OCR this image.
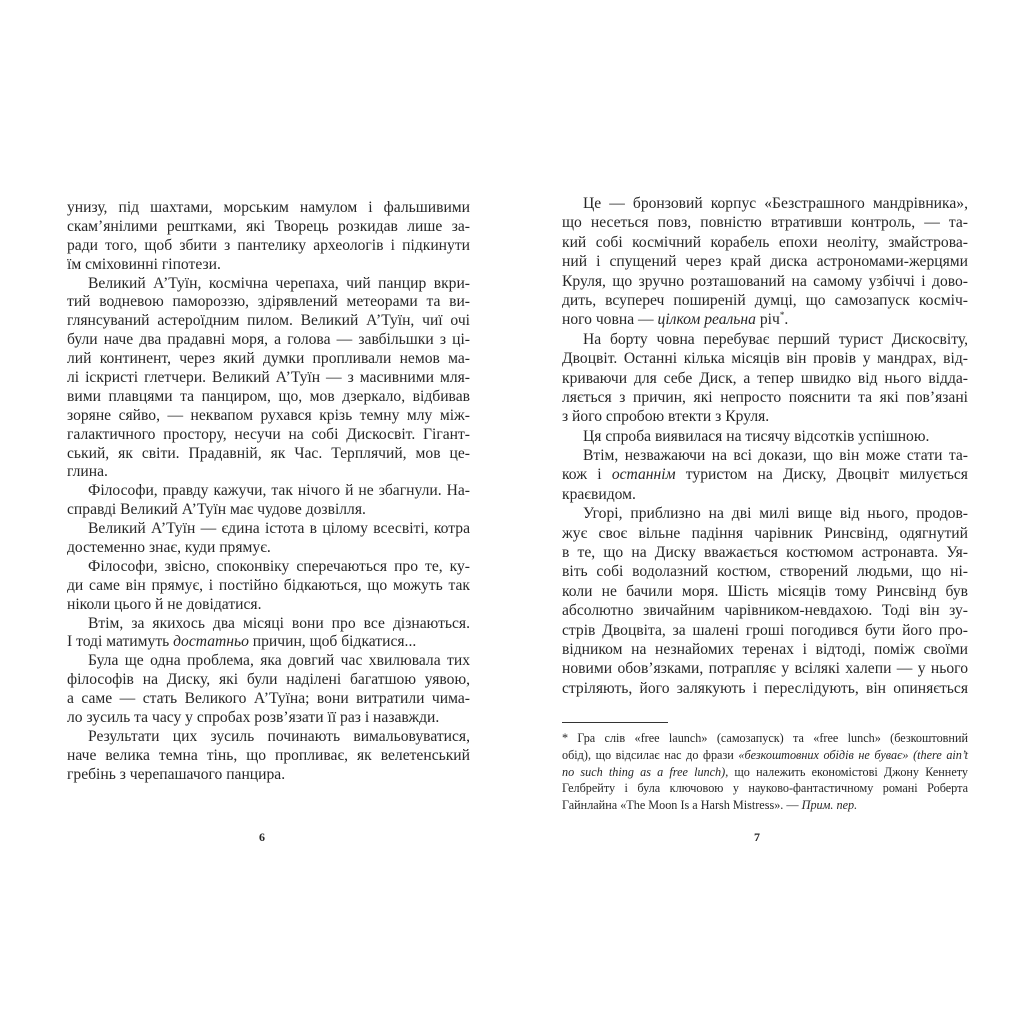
унизу, під шахтами, морським намулом і фальшивими
скам’янілими рештками, які Творець розкидав лише за-
ради того, щоб збити з пантелику археологів і підкинути
їм сміховинні гіпотези.
Великий А’Туїн, космічна черепаха, чий панцир вкри-
тий водневою памороззю, здірявлений метеорами та ви-
глянсуваний астероїдним пилом. Великий А’Туїн, чиї очі
були наче два прадавні моря, а голова — завбільшки з ці-
лий континент, через який думки пропливали немов ма-
лі іскристі глетчери. Великий А’Туїн — з масивними мля-
вими плавцями та панциром, що, мов дзеркало, відбивав
зоряне сяйво, — неквапом рухався крізь темну млу між-
галактичного простору, несучи на собі Дискосвіт. Гігант-
ський, як світи. Прадавній, як Час. Терплячий, мов це-
глина.
Філософи, правду кажучи, так нічого й не збагнули. На-
справді Великий А’Туїн має чудове дозвілля.
Великий А’Туїн — єдина істота в цілому всесвіті, котра
достеменно знає, куди прямує.
Філософи, звісно, споконвіку сперечаються про те, ку-
ди саме він прямує, і постійно бідкаються, що можуть так
ніколи цього й не довідатися.
Втім, за якихось два місяці вони про все дізнаються.
І тоді матимуть достатньо причин, щоб бідкатися...
Була ще одна проблема, яка довгий час хвилювала тих
філософів на Диску, які були наділені багатшою уявою,
а саме — стать Великого А’Туїна; вони витратили чима-
ло зусиль та часу у спробах розв’язати її раз і назавжди.
Результати цих зусиль починають вимальовуватися,
наче велика темна тінь, що пропливає, як велетенський
гребінь з черепашачого панцира.
Це — бронзовий корпус «Безстрашного мандрівника»,
що несеться повз, повністю втративши контроль, — та-
кий собі космічний корабель епохи неоліту, змайстрова-
ний і спущений через край диска астрономами-жерцями
Круля, що зручно розташований на самому узбіччі і дово-
дить, всупереч поширеній думці, що самозапуск косміч-
ного човна — цілком реальна річ*.
На борту човна перебуває перший турист Дискосвіту,
Двоцвіт. Останні кілька місяців він провів у мандрах, від-
криваючи для себе Диск, а тепер швидко від нього відда-
ляється з причин, які непросто пояснити та які пов’язані
з його спробою втекти з Круля.
Ця спроба виявилася на тисячу відсотків успішною.
Втім, незважаючи на всі докази, що він може стати та-
кож і останнім туристом на Диску, Двоцвіт милується
краєвидом.
Угорі, приблизно на дві милі вище від нього, продов-
жує своє вільне падіння чарівник Ринсвінд, одягнутий
в те, що на Диску вважається костюмом астронавта. Уя-
віть собі водолазний костюм, створений людьми, що ні-
коли не бачили моря. Шість місяців тому Ринсвінд був
абсолютно звичайним чарівником-невдахою. Тоді він зу-
стрів Двоцвіта, за шалені гроші погодився бути його про-
відником на незнайомих теренах і відтоді, поміж своїми
новими обов’язками, потрапляє у всілякі халепи — у нього
стріляють, його залякують і переслідують, він опиняється
* Гра слів «free launch» (самозапуск) та «free lunch» (безкоштовний
обід), що відсилає нас до фрази «безкоштовних обідів не буває» (there ain’t
no such thing as a free lunch), що належить економістові Джону Кеннету
Гелбрейту і була ключовою у науково-фантастичному романі Роберта
Гайнлайна «The Moon Is a Harsh Mistress». — Прим. пер.
6	7
